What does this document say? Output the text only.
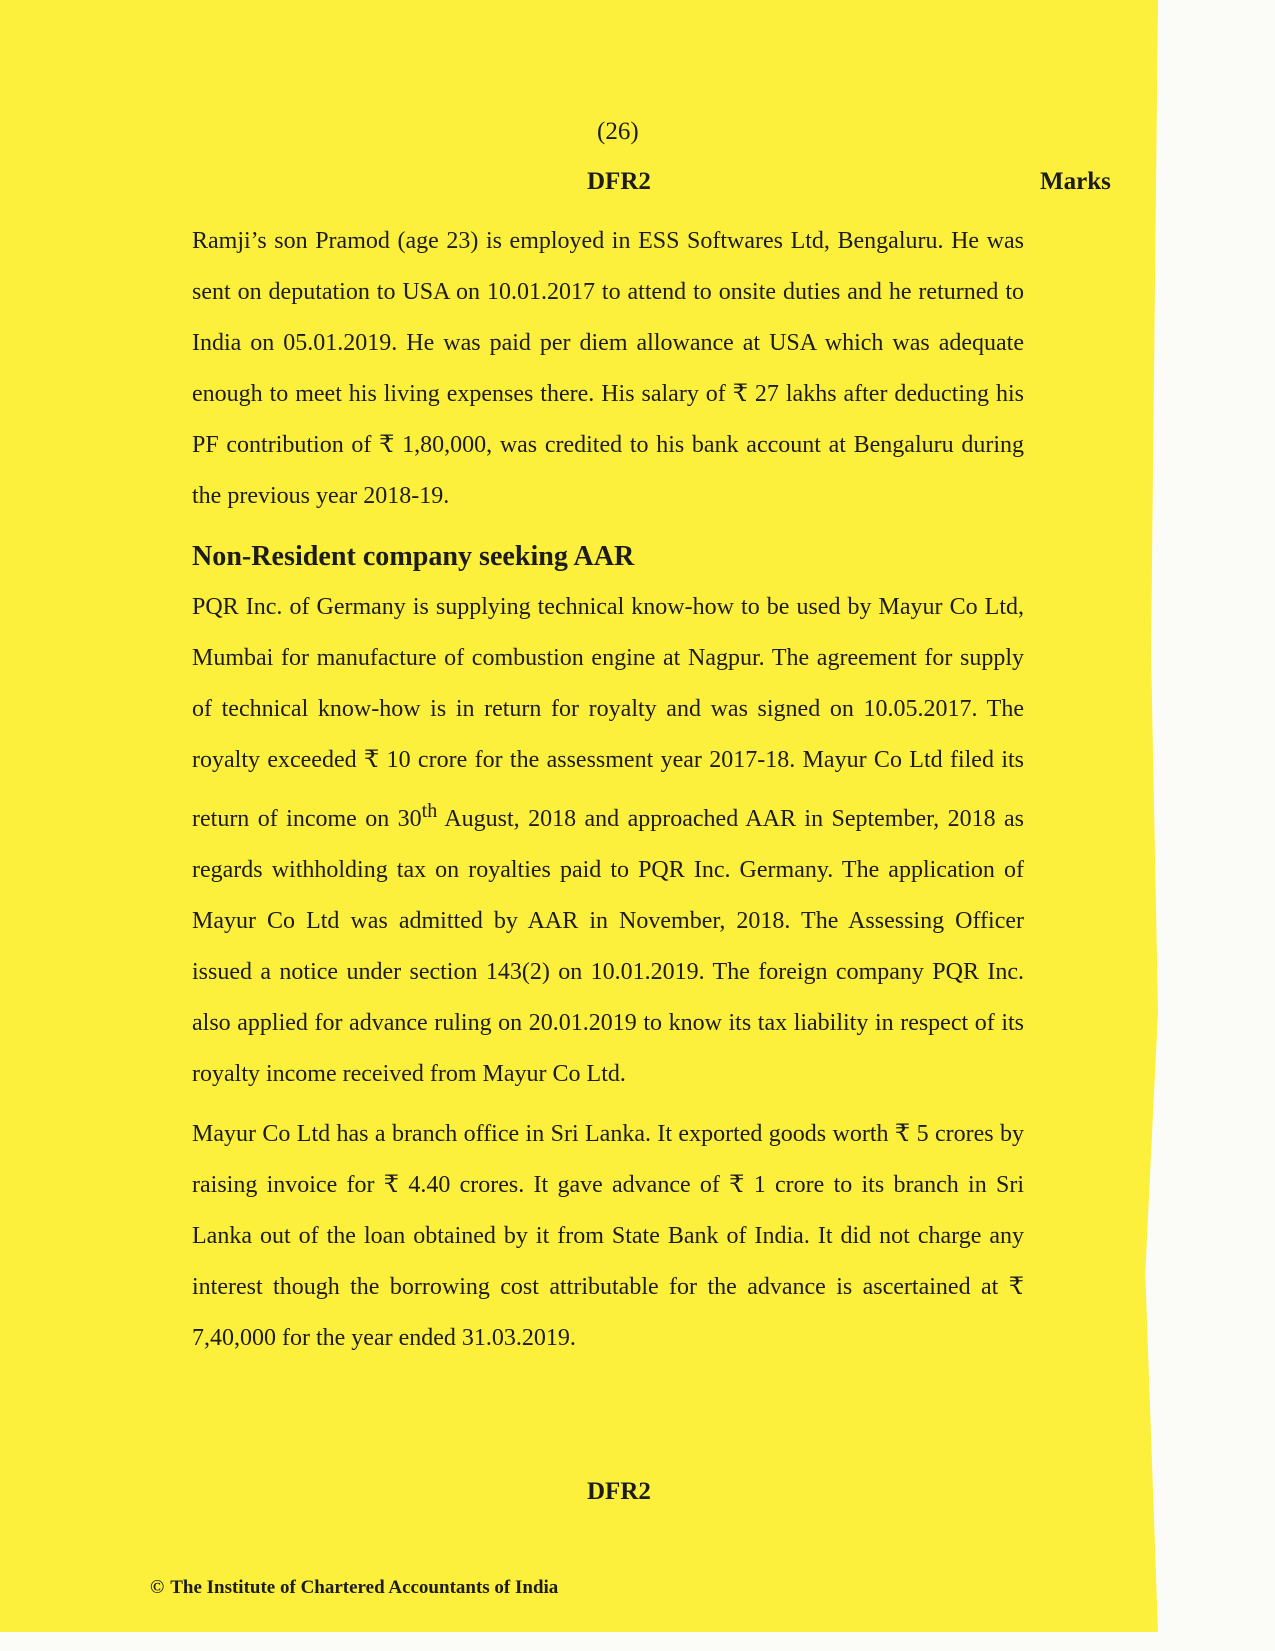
(26)
DFR2	Marks

Ramji’s son Pramod (age 23) is employed in ESS Softwares Ltd, Bengaluru. He was sent on deputation to USA on 10.01.2017 to attend to onsite duties and he returned to India on 05.01.2019. He was paid per diem allowance at USA which was adequate enough to meet his living expenses there. His salary of ₹ 27 lakhs after deducting his PF contribution of ₹ 1,80,000, was credited to his bank account at Bengaluru during the previous year 2018-19.

Non-Resident company seeking AAR

PQR Inc. of Germany is supplying technical know-how to be used by Mayur Co Ltd, Mumbai for manufacture of combustion engine at Nagpur. The agreement for supply of technical know-how is in return for royalty and was signed on 10.05.2017. The royalty exceeded ₹ 10 crore for the assessment year 2017-18. Mayur Co Ltd filed its return of income on 30th August, 2018 and approached AAR in September, 2018 as regards withholding tax on royalties paid to PQR Inc. Germany. The application of Mayur Co Ltd was admitted by AAR in November, 2018. The Assessing Officer issued a notice under section 143(2) on 10.01.2019. The foreign company PQR Inc. also applied for advance ruling on 20.01.2019 to know its tax liability in respect of its royalty income received from Mayur Co Ltd.

Mayur Co Ltd has a branch office in Sri Lanka. It exported goods worth ₹ 5 crores by raising invoice for ₹ 4.40 crores. It gave advance of ₹ 1 crore to its branch in Sri Lanka out of the loan obtained by it from State Bank of India. It did not charge any interest though the borrowing cost attributable for the advance is ascertained at ₹ 7,40,000 for the year ended 31.03.2019.

DFR2
© The Institute of Chartered Accountants of India
